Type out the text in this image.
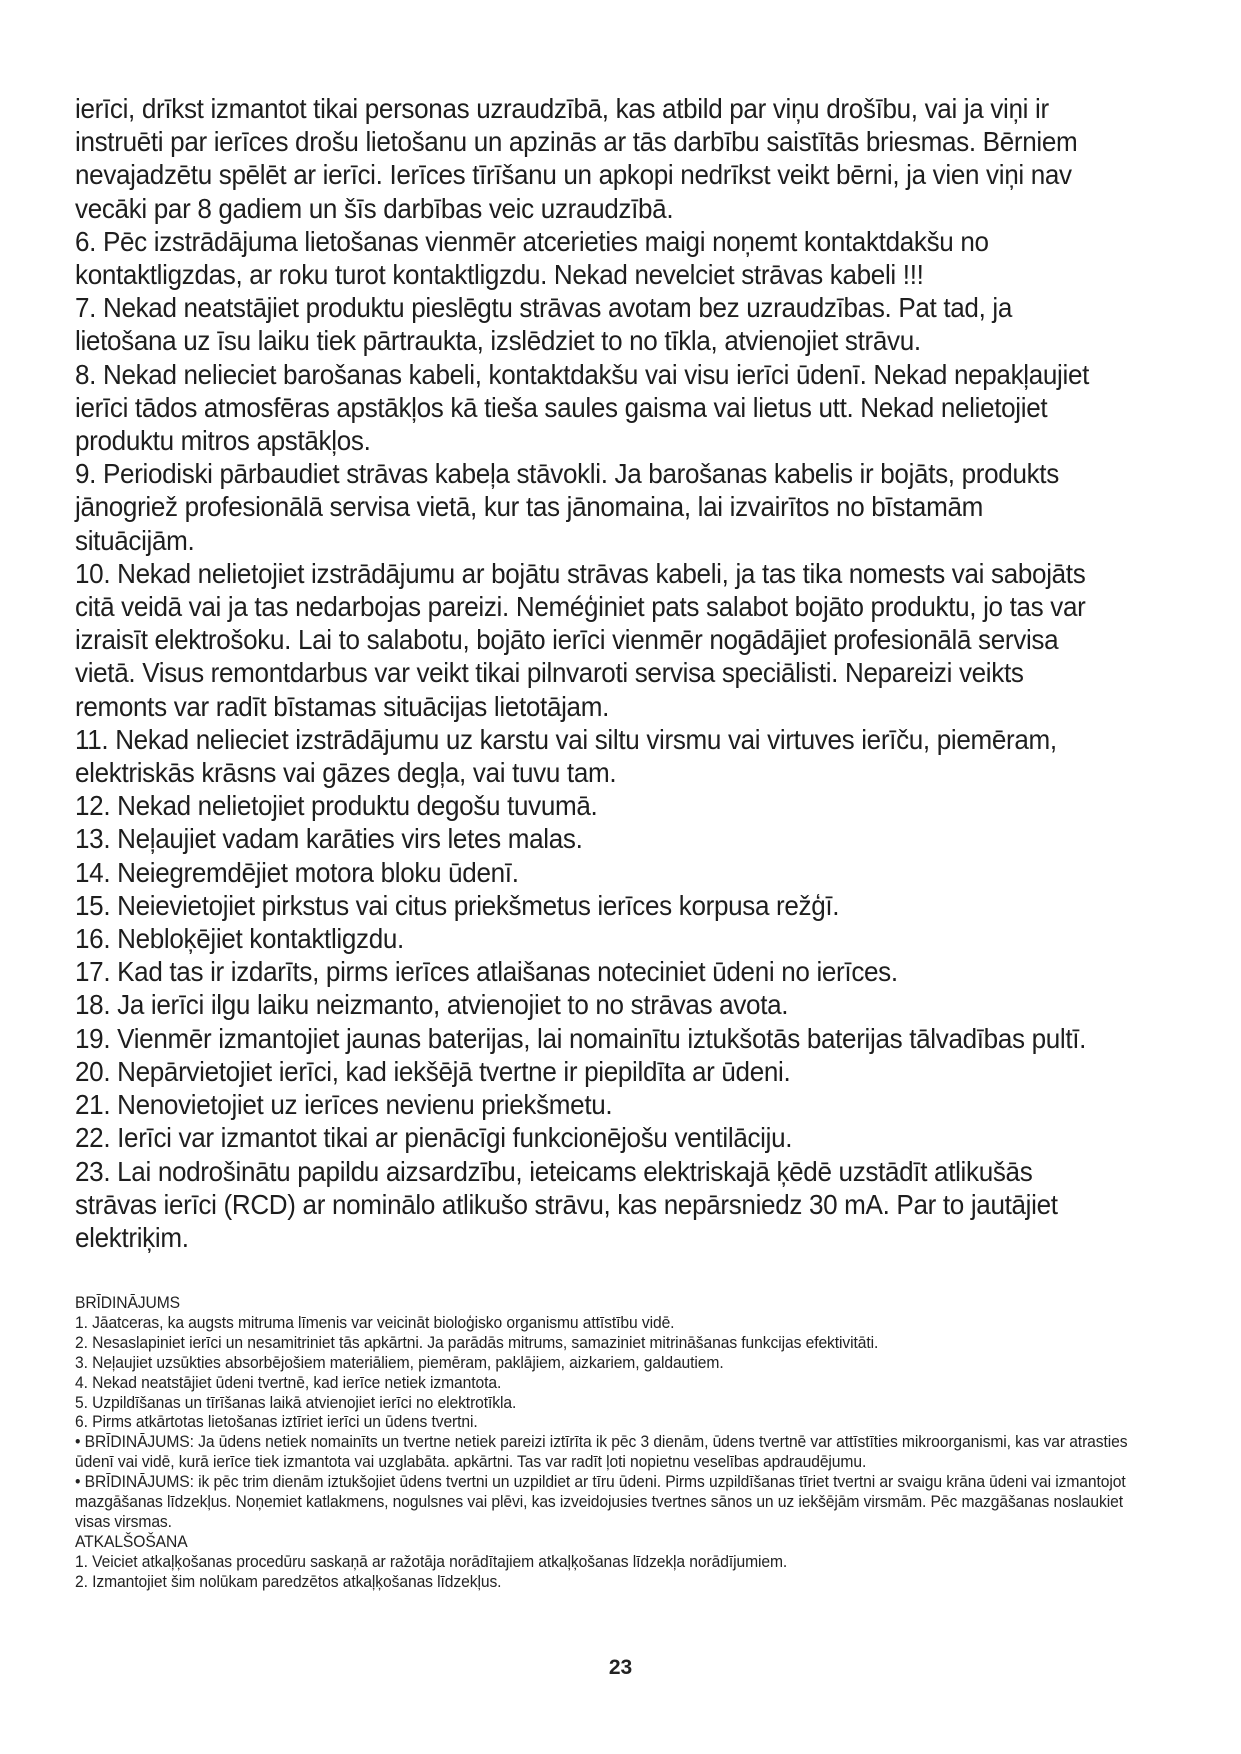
ierīci, drīkst izmantot tikai personas uzraudzībā, kas atbild par viņu drošību, vai ja viņi ir instruēti par ierīces drošu lietošanu un apzinās ar tās darbību saistītās briesmas. Bērniem nevajadzētu spēlēt ar ierīci. Ierīces tīrīšanu un apkopi nedrīkst veikt bērni, ja vien viņi nav vecāki par 8 gadiem un šīs darbības veic uzraudzībā.

6. Pēc izstrādājuma lietošanas vienmēr atcerieties maigi noņemt kontaktdakšu no kontaktligzdas, ar roku turot kontaktligzdu. Nekad nevelciet strāvas kabeli !!!

7. Nekad neatstājiet produktu pieslēgtu strāvas avotam bez uzraudzības. Pat tad, ja lietošana uz īsu laiku tiek pārtraukta, izslēdziet to no tīkla, atvienojiet strāvu.

8. Nekad nelieciet barošanas kabeli, kontaktdakšu vai visu ierīci ūdenī. Nekad nepakļaujiet ierīci tādos atmosfēras apstākļos kā tieša saules gaisma vai lietus utt. Nekad nelietojiet produktu mitros apstākļos.

9. Periodiski pārbaudiet strāvas kabeļa stāvokli. Ja barošanas kabelis ir bojāts, produkts jānogriež profesionālā servisa vietā, kur tas jānomaina, lai izvairītos no bīstamām situācijām.

10. Nekad nelietojiet izstrādājumu ar bojātu strāvas kabeli, ja tas tika nomests vai sabojāts citā veidā vai ja tas nedarbojas pareizi. Neméģiniet pats salabot bojāto produktu, jo tas var izraisīt elektrošoku. Lai to salabotu, bojāto ierīci vienmēr nogādājiet profesionālā servisa vietā. Visus remontdarbus var veikt tikai pilnvaroti servisa speciālisti. Nepareizi veikts remonts var radīt bīstamas situācijas lietotājam.

11. Nekad nelieciet izstrādājumu uz karstu vai siltu virsmu vai virtuves ierīču, piemēram, elektriskās krāsns vai gāzes degļa, vai tuvu tam.

12. Nekad nelietojiet produktu degošu tuvumā.

13. Neļaujiet vadam karāties virs letes malas.

14. Neiegremdējiet motora bloku ūdenī.

15. Neievietojiet pirkstus vai citus priekšmetus ierīces korpusa režģī.

16. Nebloķējiet kontaktligzdu.

17. Kad tas ir izdarīts, pirms ierīces atlaišanas noteciniet ūdeni no ierīces.

18. Ja ierīci ilgu laiku neizmanto, atvienojiet to no strāvas avota.

19. Vienmēr izmantojiet jaunas baterijas, lai nomainītu iztukšotās baterijas tālvadības pultī.

20. Nepārvietojiet ierīci, kad iekšējā tvertne ir piepildīta ar ūdeni.

21. Nenovietojiet uz ierīces nevienu priekšmetu.

22. Ierīci var izmantot tikai ar pienācīgi funkcionējošu ventilāciju.

23. Lai nodrošinātu papildu aizsardzību, ieteicams elektriskajā ķēdē uzstādīt atlikušās strāvas ierīci (RCD) ar nominālo atlikušo strāvu, kas nepārsniedz 30 mA. Par to jautājiet elektriķim.

BRĪDINĀJUMS

1. Jāatceras, ka augsts mitruma līmenis var veicināt bioloģisko organismu attīstību vidē.

2. Nesaslapiniet ierīci un nesamitriniet tās apkārtni. Ja parādās mitrums, samaziniet mitrināšanas funkcijas efektivitāti.

3. Neļaujiet uzsūkties absorbējošiem materiāliem, piemēram, paklājiem, aizkariem, galdautiem.

4. Nekad neatstājiet ūdeni tvertnē, kad ierīce netiek izmantota.

5. Uzpildīšanas un tīrīšanas laikā atvienojiet ierīci no elektrotīkla.

6. Pirms atkārtotas lietošanas iztīriet ierīci un ūdens tvertni.

• BRĪDINĀJUMS: Ja ūdens netiek nomainīts un tvertne netiek pareizi iztīrīta ik pēc 3 dienām, ūdens tvertnē var attīstīties mikroorganismi, kas var atrasties ūdenī vai vidē, kurā ierīce tiek izmantota vai uzglabāta. apkārtni. Tas var radīt ļoti nopietnu veselības apdraudējumu.

• BRĪDINĀJUMS: ik pēc trim dienām iztukšojiet ūdens tvertni un uzpildiet ar tīru ūdeni. Pirms uzpildīšanas tīriet tvertni ar svaigu krāna ūdeni vai izmantojot mazgāšanas līdzekļus. Noņemiet katlakmens, nogulsnes vai plēvi, kas izveidojusies tvertnes sānos un uz iekšējām virsmām. Pēc mazgāšanas noslaukiet visas virsmas.

ATKALŠOŠANA

1. Veiciet atkaļķošanas procedūru saskaņā ar ražotāja norādītajiem atkaļķošanas līdzekļa norādījumiem.

2. Izmantojiet šim nolūkam paredzētos atkaļķošanas līdzekļus.

23
